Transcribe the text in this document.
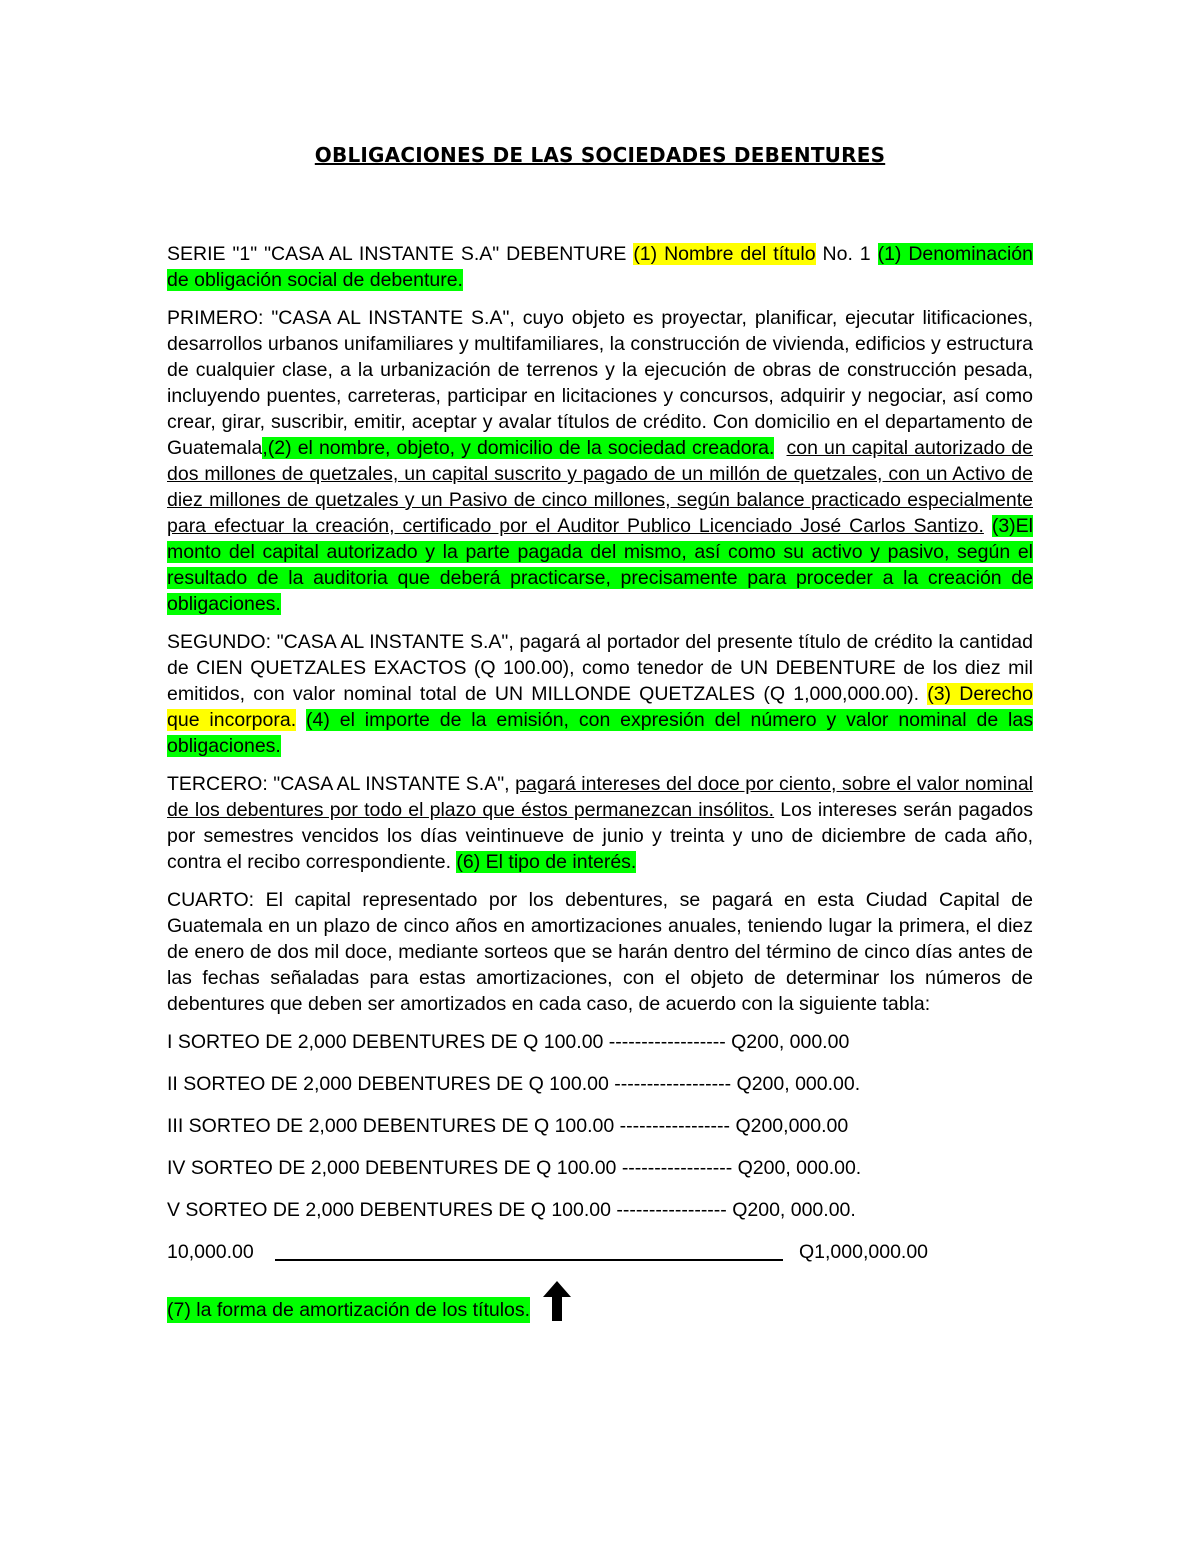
OBLIGACIONES DE LAS SOCIEDADES DEBENTURES

SERIE "1" "CASA AL INSTANTE S.A" DEBENTURE (1) Nombre del título No. 1 (1) Denominación de obligación social de debenture.

PRIMERO: "CASA AL INSTANTE S.A", cuyo objeto es proyectar, planificar, ejecutar litificaciones, desarrollos urbanos unifamiliares y multifamiliares, la construcción de vivienda, edificios y estructura de cualquier clase, a la urbanización de terrenos y la ejecución de obras de construcción pesada, incluyendo puentes, carreteras, participar en licitaciones y concursos, adquirir y negociar, así como crear, girar, suscribir, emitir, aceptar y avalar títulos de crédito. Con domicilio en el departamento de Guatemala,(2) el nombre, objeto, y domicilio de la sociedad creadora. con un capital autorizado de dos millones de quetzales, un capital suscrito y pagado de un millón de quetzales, con un Activo de diez millones de quetzales y un Pasivo de cinco millones, según balance practicado especialmente para efectuar la creación, certificado por el Auditor Publico Licenciado José Carlos Santizo. (3)El monto del capital autorizado y la parte pagada del mismo, así como su activo y pasivo, según el resultado de la auditoria que deberá practicarse, precisamente para proceder a la creación de obligaciones.

SEGUNDO: "CASA AL INSTANTE S.A", pagará al portador del presente título de crédito la cantidad de CIEN QUETZALES EXACTOS (Q 100.00), como tenedor de UN DEBENTURE de los diez mil emitidos, con valor nominal total de UN MILLONDE QUETZALES (Q 1,000,000.00). (3) Derecho que incorpora. (4) el importe de la emisión, con expresión del número y valor nominal de las obligaciones.

TERCERO: "CASA AL INSTANTE S.A", pagará intereses del doce por ciento, sobre el valor nominal de los debentures por todo el plazo que éstos permanezcan insólitos. Los intereses serán pagados por semestres vencidos los días veintinueve de junio y treinta y uno de diciembre de cada año, contra el recibo correspondiente. (6) El tipo de interés.

CUARTO: El capital representado por los debentures, se pagará en esta Ciudad Capital de Guatemala en un plazo de cinco años en amortizaciones anuales, teniendo lugar la primera, el diez de enero de dos mil doce, mediante sorteos que se harán dentro del término de cinco días antes de las fechas señaladas para estas amortizaciones, con el objeto de determinar los números de debentures que deben ser amortizados en cada caso, de acuerdo con la siguiente tabla:

I SORTEO DE 2,000 DEBENTURES DE Q 100.00 ------------------ Q200, 000.00
II SORTEO DE 2,000 DEBENTURES DE Q 100.00 ------------------ Q200, 000.00.
III SORTEO DE 2,000 DEBENTURES DE Q 100.00 ----------------- Q200,000.00
IV SORTEO DE 2,000 DEBENTURES DE Q 100.00 ----------------- Q200, 000.00.
V SORTEO DE 2,000 DEBENTURES DE Q 100.00 ----------------- Q200, 000.00.
10,000.00	Q1,000,000.00
(7) la forma de amortización de los títulos.
